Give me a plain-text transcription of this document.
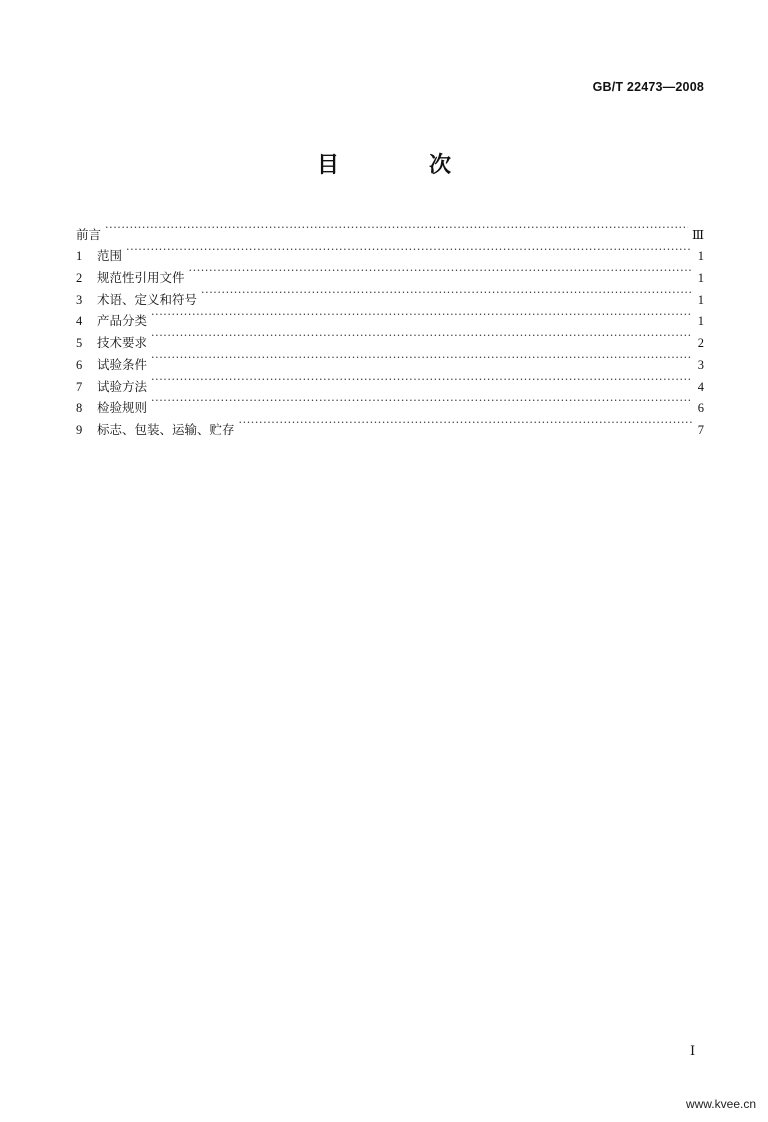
GB/T 22473—2008
目　次
前言 ·····	Ⅲ
1	范围 ·····	1
2	规范性引用文件 ·····	1
3	术语、定义和符号 ·····	1
4	产品分类 ·····	1
5	技术要求 ·····	2
6	试验条件 ·····	3
7	试验方法 ·····	4
8	检验规则 ·····	6
9	标志、包装、运输、贮存 ·····	7
Ⅰ
www.kvee.cn
